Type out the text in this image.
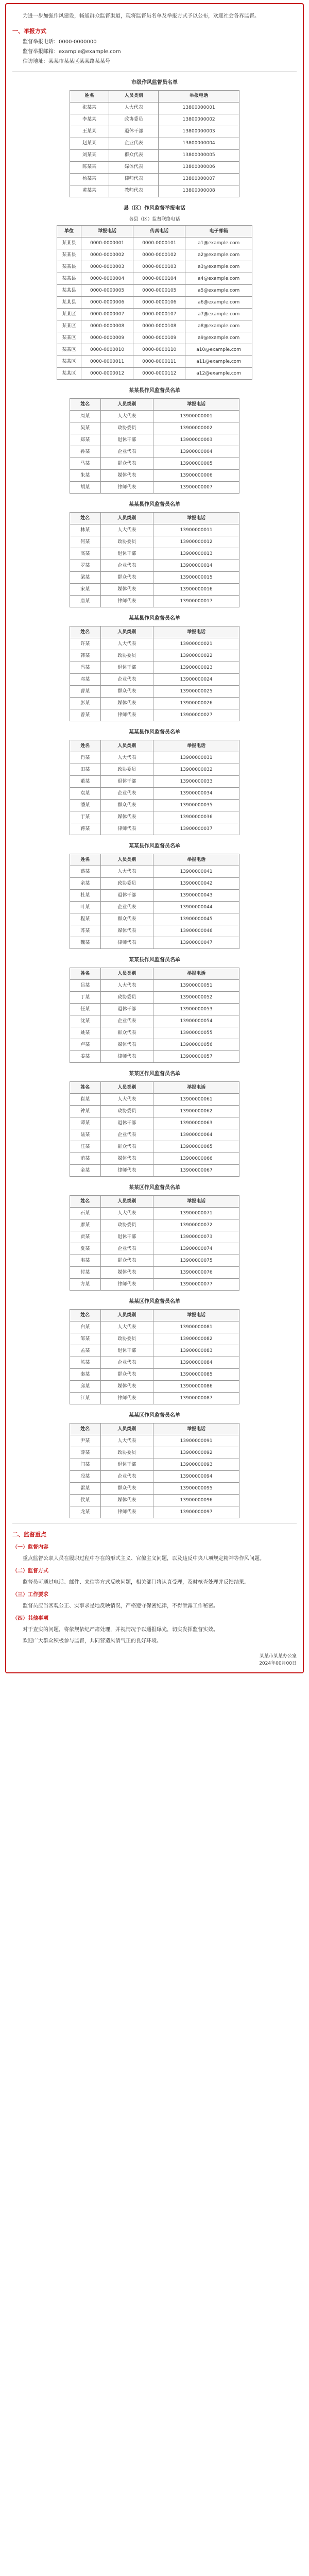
为进一步加强作风建设，畅通群众监督渠道，现将监督员名单及举报方式予以公布，欢迎社会各界监督。

一、举报方式
监督举报电话：0000-0000000
监督举报邮箱：example@example.com
信访地址：某某市某某区某某路某某号
市级作风监督员名单
姓名	人员类别	举报电话
张某某	人大代表	13800000001
李某某	政协委员	13800000002
王某某	退休干部	13800000003
赵某某	企业代表	13800000004
刘某某	群众代表	13800000005
陈某某	媒体代表	13800000006
杨某某	律师代表	13800000007
黄某某	教师代表	13800000008
县（区）作风监督举报电话
各县（区）监督联络电话
单位	举报电话	传真电话	电子邮箱
某某县	0000-0000001	0000-0000101	a1@example.com
某某县	0000-0000002	0000-0000102	a2@example.com
某某县	0000-0000003	0000-0000103	a3@example.com
某某县	0000-0000004	0000-0000104	a4@example.com
某某县	0000-0000005	0000-0000105	a5@example.com
某某县	0000-0000006	0000-0000106	a6@example.com
某某区	0000-0000007	0000-0000107	a7@example.com
某某区	0000-0000008	0000-0000108	a8@example.com
某某区	0000-0000009	0000-0000109	a9@example.com
某某区	0000-0000010	0000-0000110	a10@example.com
某某区	0000-0000011	0000-0000111	a11@example.com
某某区	0000-0000012	0000-0000112	a12@example.com
某某县作风监督员名单
姓名	人员类别	举报电话
周某	人大代表	13900000001
吴某	政协委员	13900000002
郑某	退休干部	13900000003
孙某	企业代表	13900000004
马某	群众代表	13900000005
朱某	媒体代表	13900000006
胡某	律师代表	13900000007
某某县作风监督员名单
姓名	人员类别	举报电话
林某	人大代表	13900000011
何某	政协委员	13900000012
高某	退休干部	13900000013
罗某	企业代表	13900000014
梁某	群众代表	13900000015
宋某	媒体代表	13900000016
唐某	律师代表	13900000017
某某县作风监督员名单
姓名	人员类别	举报电话
许某	人大代表	13900000021
韩某	政协委员	13900000022
冯某	退休干部	13900000023
邓某	企业代表	13900000024
曹某	群众代表	13900000025
彭某	媒体代表	13900000026
曾某	律师代表	13900000027
某某县作风监督员名单
姓名	人员类别	举报电话
肖某	人大代表	13900000031
田某	政协委员	13900000032
董某	退休干部	13900000033
袁某	企业代表	13900000034
潘某	群众代表	13900000035
于某	媒体代表	13900000036
蒋某	律师代表	13900000037
某某县作风监督员名单
姓名	人员类别	举报电话
蔡某	人大代表	13900000041
余某	政协委员	13900000042
杜某	退休干部	13900000043
叶某	企业代表	13900000044
程某	群众代表	13900000045
苏某	媒体代表	13900000046
魏某	律师代表	13900000047
某某县作风监督员名单
姓名	人员类别	举报电话
吕某	人大代表	13900000051
丁某	政协委员	13900000052
任某	退休干部	13900000053
沈某	企业代表	13900000054
姚某	群众代表	13900000055
卢某	媒体代表	13900000056
姜某	律师代表	13900000057
某某区作风监督员名单
姓名	人员类别	举报电话
崔某	人大代表	13900000061
钟某	政协委员	13900000062
谭某	退休干部	13900000063
陆某	企业代表	13900000064
汪某	群众代表	13900000065
范某	媒体代表	13900000066
金某	律师代表	13900000067
某某区作风监督员名单
姓名	人员类别	举报电话
石某	人大代表	13900000071
廖某	政协委员	13900000072
贾某	退休干部	13900000073
夏某	企业代表	13900000074
韦某	群众代表	13900000075
付某	媒体代表	13900000076
方某	律师代表	13900000077
某某区作风监督员名单
姓名	人员类别	举报电话
白某	人大代表	13900000081
邹某	政协委员	13900000082
孟某	退休干部	13900000083
熊某	企业代表	13900000084
秦某	群众代表	13900000085
邱某	媒体代表	13900000086
江某	律师代表	13900000087
某某区作风监督员名单
姓名	人员类别	举报电话
尹某	人大代表	13900000091
薛某	政协委员	13900000092
闫某	退休干部	13900000093
段某	企业代表	13900000094
雷某	群众代表	13900000095
侯某	媒体代表	13900000096
龙某	律师代表	13900000097
二、监督重点
（一）监督内容

重点监督公职人员在履职过程中存在的形式主义、官僚主义问题，以及违反中央八项规定精神等作风问题。

（二）监督方式

监督员可通过电话、邮件、来信等方式反映问题，相关部门将认真受理，及时核查处理并反馈结果。

（三）工作要求

监督员应当客观公正、实事求是地反映情况，严格遵守保密纪律，不得泄露工作秘密。

（四）其他事项

对于查实的问题，将依规依纪严肃处理，并视情况予以通报曝光，切实发挥监督实效。

欢迎广大群众积极参与监督，共同营造风清气正的良好环境。

某某市某某办公室
2024年00月00日
